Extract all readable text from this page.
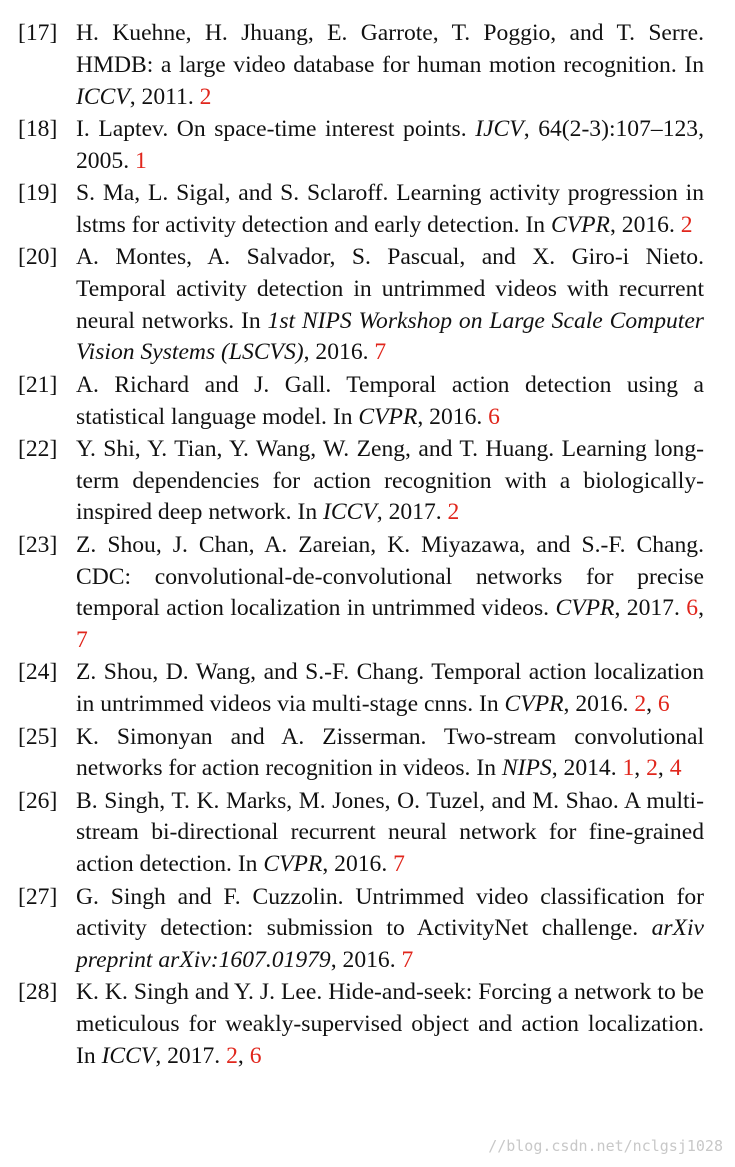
[17] H. Kuehne, H. Jhuang, E. Garrote, T. Poggio, and T. Serre. HMDB: a large video database for human motion recognition. In ICCV, 2011. 2
[18] I. Laptev. On space-time interest points. IJCV, 64(2-3):107–123, 2005. 1
[19] S. Ma, L. Sigal, and S. Sclaroff. Learning activity progression in lstms for activity detection and early detection. In CVPR, 2016. 2
[20] A. Montes, A. Salvador, S. Pascual, and X. Giro-i Nieto. Temporal activity detection in untrimmed videos with recurrent neural networks. In 1st NIPS Workshop on Large Scale Computer Vision Systems (LSCVS), 2016. 7
[21] A. Richard and J. Gall. Temporal action detection using a statistical language model. In CVPR, 2016. 6
[22] Y. Shi, Y. Tian, Y. Wang, W. Zeng, and T. Huang. Learning long-term dependencies for action recognition with a biologically-inspired deep network. In ICCV, 2017. 2
[23] Z. Shou, J. Chan, A. Zareian, K. Miyazawa, and S.-F. Chang. CDC: convolutional-de-convolutional networks for precise temporal action localization in untrimmed videos. CVPR, 2017. 6, 7
[24] Z. Shou, D. Wang, and S.-F. Chang. Temporal action localization in untrimmed videos via multi-stage cnns. In CVPR, 2016. 2, 6
[25] K. Simonyan and A. Zisserman. Two-stream convolutional networks for action recognition in videos. In NIPS, 2014. 1, 2, 4
[26] B. Singh, T. K. Marks, M. Jones, O. Tuzel, and M. Shao. A multi-stream bi-directional recurrent neural network for fine-grained action detection. In CVPR, 2016. 7
[27] G. Singh and F. Cuzzolin. Untrimmed video classification for activity detection: submission to ActivityNet challenge. arXiv preprint arXiv:1607.01979, 2016. 7
[28] K. K. Singh and Y. J. Lee. Hide-and-seek: Forcing a network to be meticulous for weakly-supervised object and action localization. In ICCV, 2017. 2, 6
//blog.csdn.net/nclgsj1028
